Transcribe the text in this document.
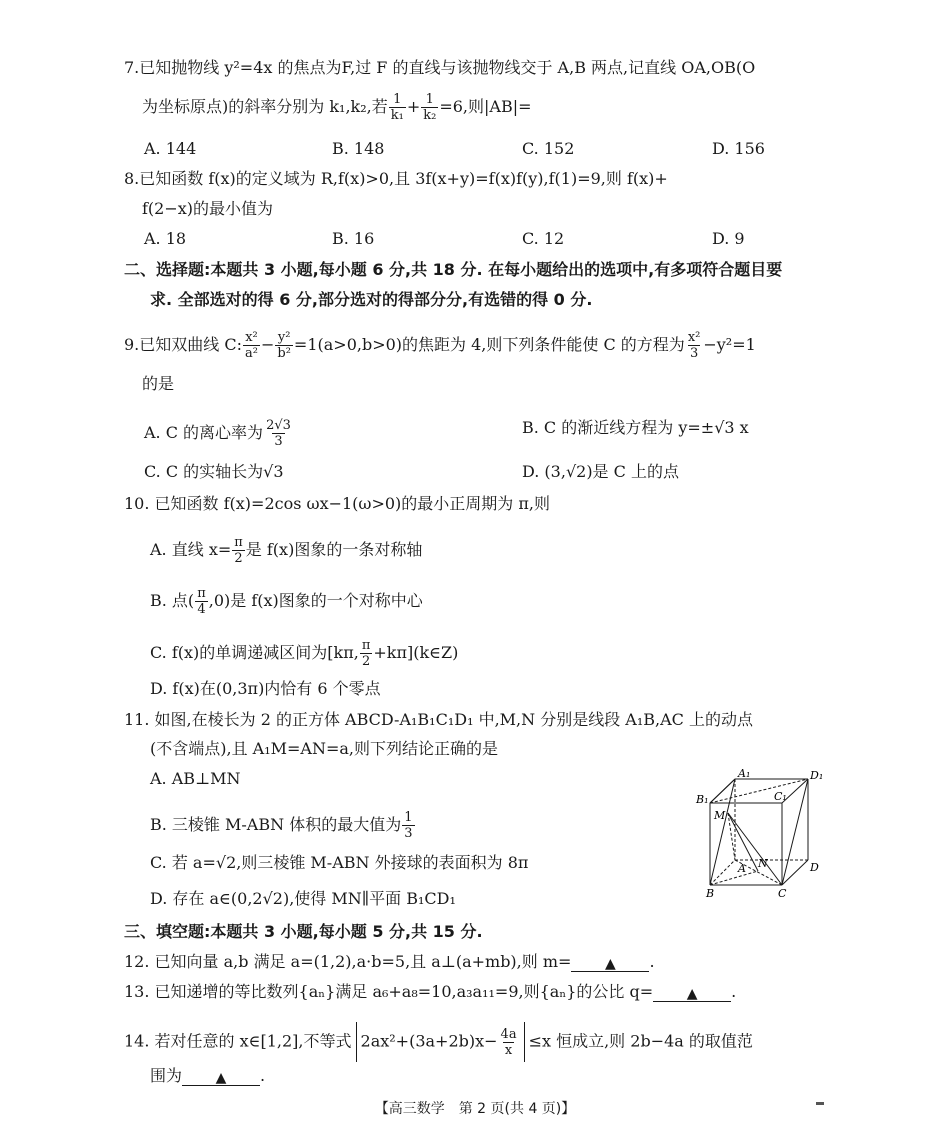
7.已知抛物线 y²=4x 的焦点为F,过 F 的直线与该抛物线交于 A,B 两点,记直线 OA,OB(O
为坐标原点)的斜率分别为 k₁,k₂,若 $\frac{1}{\text{k₁}} + \frac{1}{\text{k₂}} =6$,则|AB|=
A. 144	B. 148	C. 152	D. 156
8.已知函数 f(x)的定义域为 R,f(x)>0,且 3f(x+y)=f(x)f(y),f(1)=9,则 f(x)+
f(2−x)的最小值为
A. 18	B. 16	C. 12	D. 9
二、选择题:本题共 3 小题,每小题 6 分,共 18 分. 在每小题给出的选项中,有多项符合题目要
求. 全部选对的得 6 分,部分选对的得部分分,有选错的得 0 分.
9.已知双曲线 C: $\frac{\text{x²}}{\text{a²}} - \frac{\text{y²}}{\text{b²}} =1(a>0,b>0)$的焦距为 4,则下列条件能使 C 的方程为 $\frac{\text{x²}}{3} -y^2=1$
的是
A. C 的离心率为 $\frac{2√3}{3}$	B. C 的渐近线方程为 y=±√3 x
C. C 的实轴长为√3	D. (3,√2)是 C 上的点
10. 已知函数 f(x)=2cos ωx−1(ω>0)的最小正周期为 π,则
A. 直线 $x= \frac{\pi}{2}$ 是 f(x)图象的一条对称轴
B. 点( $\frac{\pi}{4} ,0$)是 f(x)图象的一个对称中心
C. f(x)的单调递减区间为[kπ, $\frac{\pi}{2}$ +kπ](k∈Z)
D. f(x)在(0,3π)内恰有 6 个零点
11. 如图,在棱长为 2 的正方体 ABCD-A₁B₁C₁D₁ 中,M,N 分别是线段 A₁B,AC 上的动点
(不含端点),且 A₁M=AN=a,则下列结论正确的是
A. AB⊥MN
B. 三棱锥 M-ABN 体积的最大值为 $\frac{1}{3}$
C. 若 a=√2,则三棱锥 M-ABN 外接球的表面积为 8π
D. 存在 a∈(0,2√2),使得 MN∥平面 B₁CD₁
A₁	D₁
B₁	C₁
M
A N	D
B	C
三、填空题:本题共 3 小题,每小题 5 分,共 15 分.
12. 已知向量 a,b 满足 a=(1,2),a·b=5,且 a⊥(a+mb),则 m= ▲ .
13. 已知递增的等比数列{aₙ}满足 a₆+a₈=10,a₃a₁₁=9,则{aₙ}的公比 q= ▲ .
14. 若对任意的 x∈[1,2],不等式 $2ax^2+(3a+2b)x- \frac{4a}{x} \le x$ 恒成立,则 2b−4a 的取值范
围为 ▲ .
【高三数学　第 2 页(共 4 页)】
